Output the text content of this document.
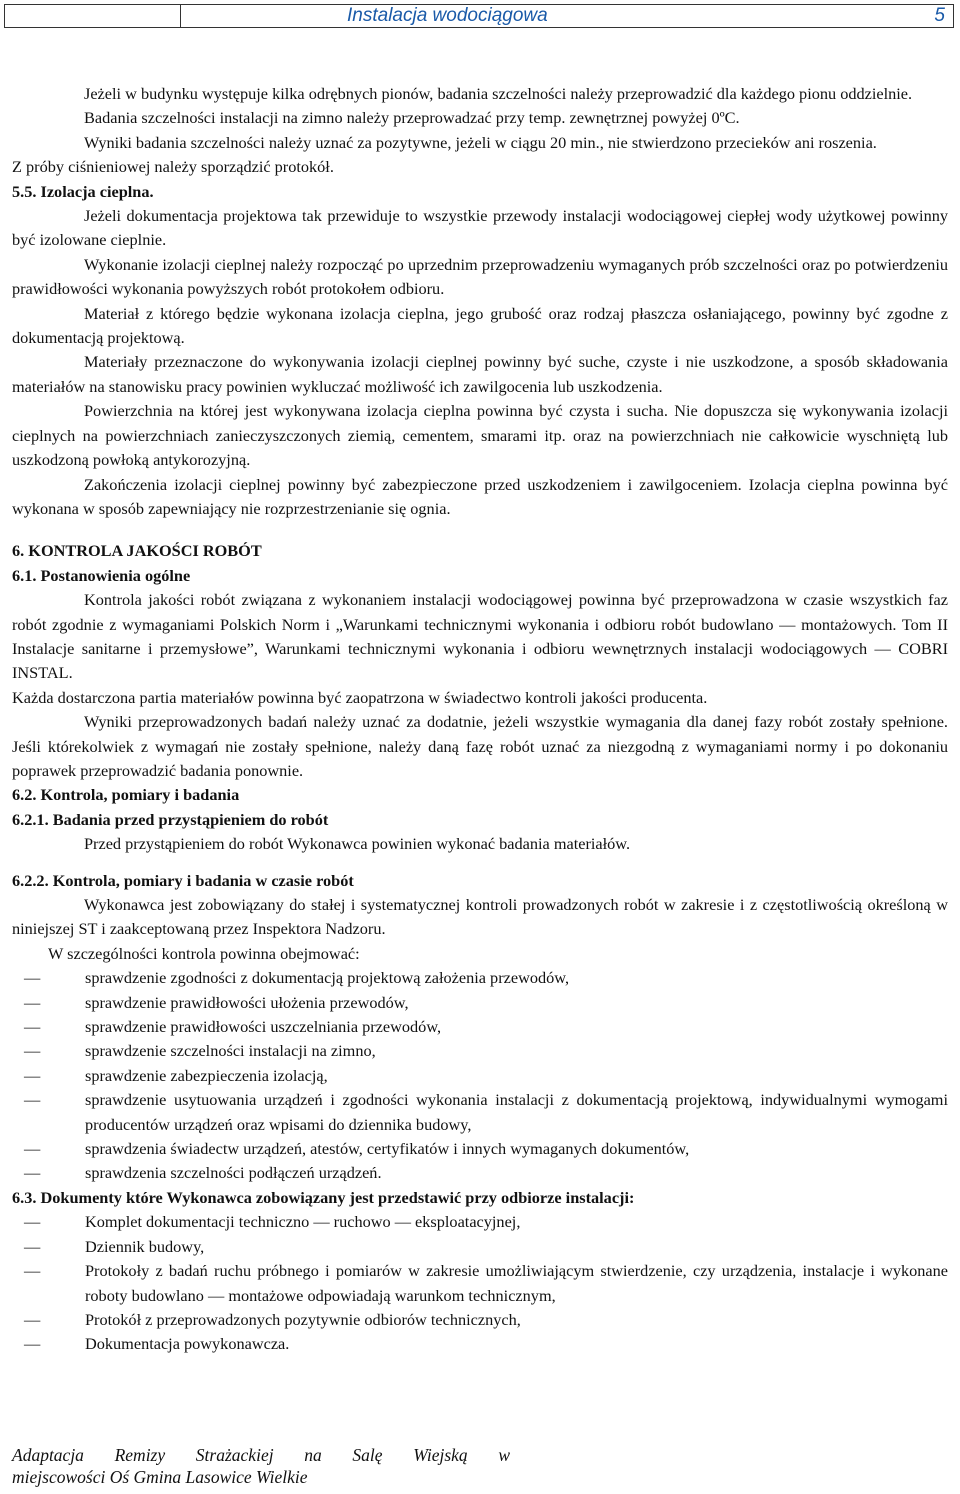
Instalacja wodociągowa	5

Jeżeli w budynku występuje kilka odrębnych pionów, badania szczelności należy przeprowadzić dla każdego pionu oddzielnie.

Badania szczelności instalacji na zimno należy przeprowadzać przy temp. zewnętrznej powyżej 0ºC.

Wyniki badania szczelności należy uznać za pozytywne, jeżeli w ciągu 20 min., nie stwierdzono przecieków ani roszenia.

Z próby ciśnieniowej należy sporządzić protokół.

5.5. Izolacja cieplna.

Jeżeli dokumentacja projektowa tak przewiduje to wszystkie przewody instalacji wodociągowej ciepłej wody użytkowej powinny być izolowane cieplnie.

Wykonanie izolacji cieplnej należy rozpocząć po uprzednim przeprowadzeniu wymaganych prób szczelności oraz po potwierdzeniu prawidłowości wykonania powyższych robót protokołem odbioru.

Materiał z którego będzie wykonana izolacja cieplna, jego grubość oraz rodzaj płaszcza osłaniającego, powinny być zgodne z dokumentacją projektową.

Materiały przeznaczone do wykonywania izolacji cieplnej powinny być suche, czyste i nie uszkodzone, a sposób składowania materiałów na stanowisku pracy powinien wykluczać możliwość ich zawilgocenia lub uszkodzenia.

Powierzchnia na której jest wykonywana izolacja cieplna powinna być czysta i sucha. Nie dopuszcza się wykonywania izolacji cieplnych na powierzchniach zanieczyszczonych ziemią, cementem, smarami itp. oraz na powierzchniach nie całkowicie wyschniętą lub uszkodzoną powłoką antykorozyjną.

Zakończenia izolacji cieplnej powinny być zabezpieczone przed uszkodzeniem i zawilgoceniem. Izolacja cieplna powinna być wykonana w sposób zapewniający nie rozprzestrzenianie się ognia.

6. KONTROLA JAKOŚCI ROBÓT

6.1. Postanowienia ogólne

Kontrola jakości robót związana z wykonaniem instalacji wodociągowej powinna być przeprowadzona w czasie wszystkich faz robót zgodnie z wymaganiami Polskich Norm i „Warunkami technicznymi wykonania i odbioru robót budowlano — montażowych. Tom II Instalacje sanitarne i przemysłowe”, Warunkami technicznymi wykonania i odbioru wewnętrznych instalacji wodociągowych — COBRI INSTAL.

Każda dostarczona partia materiałów powinna być zaopatrzona w świadectwo kontroli jakości producenta.

Wyniki przeprowadzonych badań należy uznać za dodatnie, jeżeli wszystkie wymagania dla danej fazy robót zostały spełnione. Jeśli którekolwiek z wymagań nie zostały spełnione, należy daną fazę robót uznać za niezgodną z wymaganiami normy i po dokonaniu poprawek przeprowadzić badania ponownie.

6.2. Kontrola, pomiary i badania

6.2.1. Badania przed przystąpieniem do robót

Przed przystąpieniem do robót Wykonawca powinien wykonać badania materiałów.

6.2.2. Kontrola, pomiary i badania w czasie robót

Wykonawca jest zobowiązany do stałej i systematycznej kontroli prowadzonych robót w zakresie i z częstotliwością określoną w niniejszej ST i zaakceptowaną przez Inspektora Nadzoru.

W szczególności kontrola powinna obejmować:

—	sprawdzenie zgodności z dokumentacją projektową założenia przewodów,
—	sprawdzenie prawidłowości ułożenia przewodów,
—	sprawdzenie prawidłowości uszczelniania przewodów,
—	sprawdzenie szczelności instalacji na zimno,
—	sprawdzenie zabezpieczenia izolacją,
—	sprawdzenie usytuowania urządzeń i zgodności wykonania instalacji z dokumentacją projektową, indywidualnymi wymogami producentów urządzeń oraz wpisami do dziennika budowy,
—	sprawdzenia świadectw urządzeń, atestów, certyfikatów i innych wymaganych dokumentów,
—	sprawdzenia szczelności podłączeń urządzeń.

6.3. Dokumenty które Wykonawca zobowiązany jest przedstawić przy odbiorze instalacji:

—	Komplet dokumentacji techniczno — ruchowo — eksploatacyjnej,
—	Dziennik budowy,
—	Protokoły z badań ruchu próbnego i pomiarów w zakresie umożliwiającym stwierdzenie, czy urządzenia, instalacje i wykonane roboty budowlano — montażowe odpowiadają warunkom technicznym,
—	Protokół z przeprowadzonych pozytywnie odbiorów technicznych,
—	Dokumentacja powykonawcza.
Adaptacja Remizy Strażackiej na Salę Wiejską w
miejscowości Oś Gmina Lasowice Wielkie
